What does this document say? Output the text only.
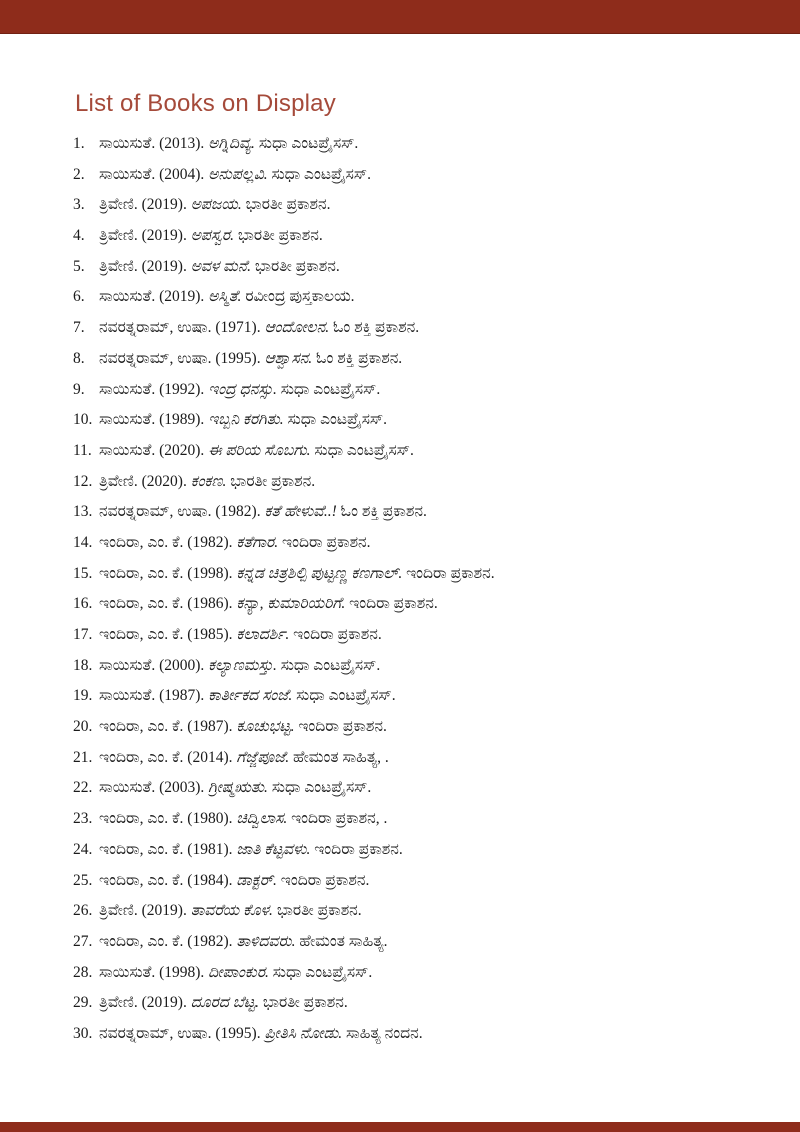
List of Books on Display
1. ಸಾಯಿಸುತೆ. (2013). ಅಗ್ನಿದಿವ್ಯ. ಸುಧಾ ಎಂಟಪ್ರೈಸಸ್.
2. ಸಾಯಿಸುತೆ. (2004). ಅನುಪಲ್ಲವಿ. ಸುಧಾ ಎಂಟಪ್ರೈಸಸ್.
3. ತ್ರಿವೇಣಿ. (2019). ಅಪಜಯ. ಭಾರತೀ ಪ್ರಕಾಶನ.
4. ತ್ರಿವೇಣಿ. (2019). ಅಪಸ್ವರ. ಭಾರತೀ ಪ್ರಕಾಶನ.
5. ತ್ರಿವೇಣಿ. (2019). ಅವಳ ಮನೆ. ಭಾರತೀ ಪ್ರಕಾಶನ.
6. ಸಾಯಿಸುತೆ. (2019). ಅಸ್ಮಿತೆ. ರವೀಂದ್ರ ಪುಸ್ತಕಾಲಯ.
7. ನವರತ್ನರಾಮ್, ಉಷಾ. (1971). ಆಂದೋಲನ. ಓಂ ಶಕ್ತಿ ಪ್ರಕಾಶನ.
8. ನವರತ್ನರಾಮ್, ಉಷಾ. (1995). ಆಶ್ವಾಸನ. ಓಂ ಶಕ್ತಿ ಪ್ರಕಾಶನ.
9. ಸಾಯಿಸುತೆ. (1992). ಇಂದ್ರ ಧನಸ್ಸು. ಸುಧಾ ಎಂಟಪ್ರೈಸಸ್.
10. ಸಾಯಿಸುತೆ. (1989). ಇಬ್ಬನಿ ಕರಗಿತು. ಸುಧಾ ಎಂಟಪ್ರೈಸಸ್.
11. ಸಾಯಿಸುತೆ. (2020). ಈ ಪರಿಯ ಸೊಬಗು. ಸುಧಾ ಎಂಟಪ್ರೈಸಸ್.
12. ತ್ರಿವೇಣಿ. (2020). ಕಂಕಣ. ಭಾರತೀ ಪ್ರಕಾಶನ.
13. ನವರತ್ನರಾಮ್, ಉಷಾ. (1982). ಕತೆ ಹೇಳುವೆ..! ಓಂ ಶಕ್ತಿ ಪ್ರಕಾಶನ.
14. ಇಂದಿರಾ, ಎಂ. ಕೆ. (1982). ಕತೆಗಾರ. ಇಂದಿರಾ ಪ್ರಕಾಶನ.
15. ಇಂದಿರಾ, ಎಂ. ಕೆ. (1998). ಕನ್ನಡ ಚಿತ್ರಶಿಲ್ಪಿ ಪುಟ್ಟಣ್ಣ ಕಣಗಾಲ್. ಇಂದಿರಾ ಪ್ರಕಾಶನ.
16. ಇಂದಿರಾ, ಎಂ. ಕೆ. (1986). ಕನ್ಯಾ, ಕುಮಾರಿಯರಿಗೆ. ಇಂದಿರಾ ಪ್ರಕಾಶನ.
17. ಇಂದಿರಾ, ಎಂ. ಕೆ. (1985). ಕಲಾದರ್ಶಿ. ಇಂದಿರಾ ಪ್ರಕಾಶನ.
18. ಸಾಯಿಸುತೆ. (2000). ಕಲ್ಯಾಣಮಸ್ತು. ಸುಧಾ ಎಂಟಪ್ರೈಸಸ್.
19. ಸಾಯಿಸುತೆ. (1987). ಕಾರ್ತೀಕದ ಸಂಜೆ. ಸುಧಾ ಎಂಟಪ್ರೈಸಸ್.
20. ಇಂದಿರಾ, ಎಂ. ಕೆ. (1987). ಕೂಚುಭಟ್ಟ. ಇಂದಿರಾ ಪ್ರಕಾಶನ.
21. ಇಂದಿರಾ, ಎಂ. ಕೆ. (2014). ಗೆಜ್ಜೆಪೂಜೆ. ಹೇಮಂತ ಸಾಹಿತ್ಯ, .
22. ಸಾಯಿಸುತೆ. (2003). ಗ್ರೀಷ್ಮಋತು. ಸುಧಾ ಎಂಟಪ್ರೈಸಸ್.
23. ಇಂದಿರಾ, ಎಂ. ಕೆ. (1980). ಚಿದ್ವಿಲಾಸ. ಇಂದಿರಾ ಪ್ರಕಾಶನ, .
24. ಇಂದಿರಾ, ಎಂ. ಕೆ. (1981). ಜಾತಿ ಕೆಟ್ಟವಳು. ಇಂದಿರಾ ಪ್ರಕಾಶನ.
25. ಇಂದಿರಾ, ಎಂ. ಕೆ. (1984). ಡಾಕ್ಟರ್. ಇಂದಿರಾ ಪ್ರಕಾಶನ.
26. ತ್ರಿವೇಣಿ. (2019). ತಾವರೆಯ ಕೊಳ. ಭಾರತೀ ಪ್ರಕಾಶನ.
27. ಇಂದಿರಾ, ಎಂ. ಕೆ. (1982). ತಾಳಿದವರು. ಹೇಮಂತ ಸಾಹಿತ್ಯ.
28. ಸಾಯಿಸುತೆ. (1998). ದೀಪಾಂಕುರ. ಸುಧಾ ಎಂಟಪ್ರೈಸಸ್.
29. ತ್ರಿವೇಣಿ. (2019). ದೂರದ ಬೆಟ್ಟ. ಭಾರತೀ ಪ್ರಕಾಶನ.
30. ನವರತ್ನರಾಮ್, ಉಷಾ. (1995). ಪ್ರೀತಿಸಿ ನೋಡು. ಸಾಹಿತ್ಯ ನಂದನ.
